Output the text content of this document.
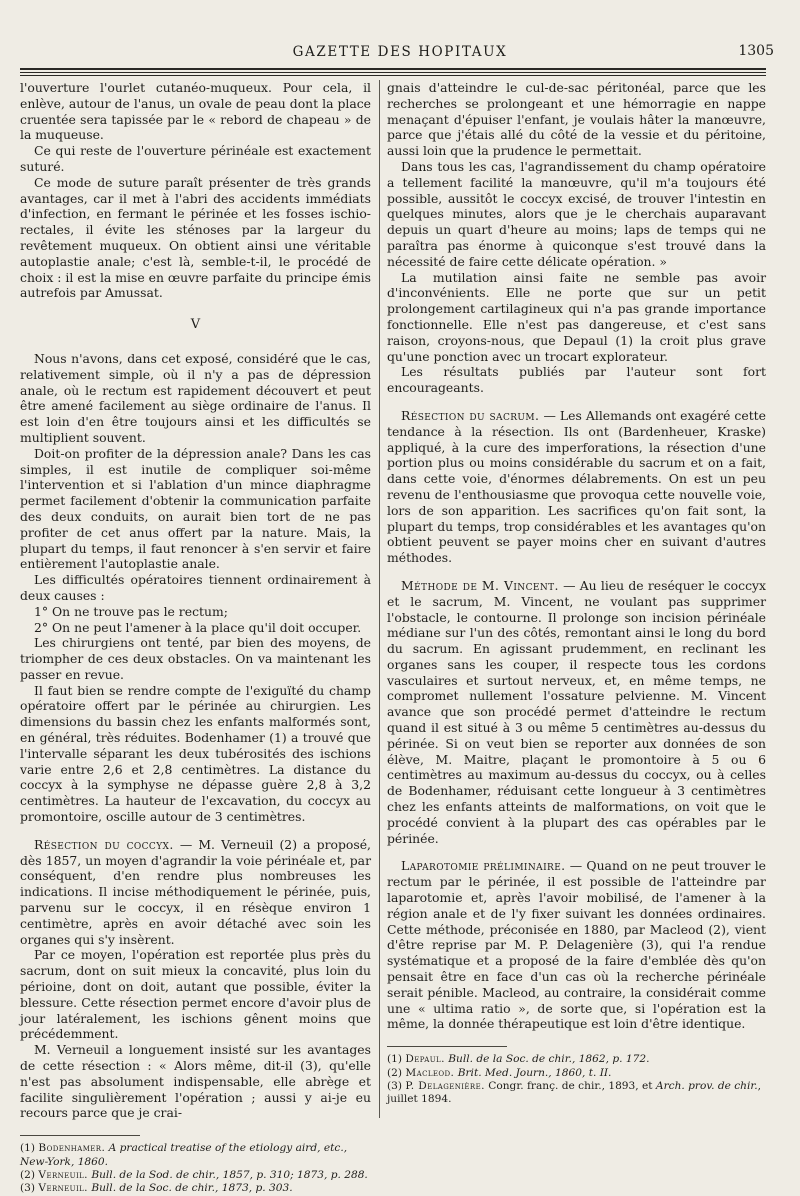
GAZETTE DES HOPITAUX	1305

l'ouverture l'ourlet cutanéo-muqueux. Pour cela, il enlève, autour de l'anus, un ovale de peau dont la place cruentée sera tapissée par le « rebord de chapeau » de la muqueuse.

Ce qui reste de l'ouverture périnéale est exactement suturé.

Ce mode de suture paraît présenter de très grands avantages, car il met à l'abri des accidents immédiats d'infection, en fermant le périnée et les fosses ischio-rectales, il évite les sténoses par la largeur du revêtement muqueux. On obtient ainsi une véritable autoplastie anale; c'est là, semble-t-il, le procédé de choix : il est la mise en œuvre parfaite du principe émis autrefois par Amussat.

V

Nous n'avons, dans cet exposé, considéré que le cas, relativement simple, où il n'y a pas de dépression anale, où le rectum est rapidement découvert et peut être amené facilement au siège ordinaire de l'anus. Il est loin d'en être toujours ainsi et les difficultés se multiplient souvent.

Doit-on profiter de la dépression anale? Dans les cas simples, il est inutile de compliquer soi-même l'intervention et si l'ablation d'un mince diaphragme permet facilement d'obtenir la communication parfaite des deux conduits, on aurait bien tort de ne pas profiter de cet anus offert par la nature. Mais, la plupart du temps, il faut renoncer à s'en servir et faire entièrement l'autoplastie anale.

Les difficultés opératoires tiennent ordinairement à deux causes :

1° On ne trouve pas le rectum;

2° On ne peut l'amener à la place qu'il doit occuper.

Les chirurgiens ont tenté, par bien des moyens, de triompher de ces deux obstacles. On va maintenant les passer en revue.

Il faut bien se rendre compte de l'exiguïté du champ opératoire offert par le périnée au chirurgien. Les dimensions du bassin chez les enfants malformés sont, en général, très réduites. Bodenhamer (1) a trouvé que l'intervalle séparant les deux tubérosités des ischions varie entre 2,6 et 2,8 centimètres. La distance du coccyx à la symphyse ne dépasse guère 2,8 à 3,2 centimètres. La hauteur de l'excavation, du coccyx au promontoire, oscille autour de 3 centimètres.

Résection du coccyx. — M. Verneuil (2) a proposé, dès 1857, un moyen d'agrandir la voie périnéale et, par conséquent, d'en rendre plus nombreuses les indications. Il incise méthodiquement le périnée, puis, parvenu sur le coccyx, il en résèque environ 1 centimètre, après en avoir détaché avec soin les organes qui s'y insèrent.

Par ce moyen, l'opération est reportée plus près du sacrum, dont on suit mieux la concavité, plus loin du périoine, dont on doit, autant que possible, éviter la blessure. Cette résection permet encore d'avoir plus de jour latéralement, les ischions gênent moins que précédemment.

M. Verneuil a longuement insisté sur les avantages de cette résection : « Alors même, dit-il (3), qu'elle n'est pas absolument indispensable, elle abrège et facilite singulièrement l'opération ; aussi y ai-je eu recours parce que je crai-

(1) Bodenhamer. A practical treatise of the etiology aird, etc., New-York, 1860.

(2) Verneuil. Bull. de la Sod. de chir., 1857, p. 310; 1873, p. 288.

(3) Verneuil. Bull. de la Soc. de chir., 1873, p. 303.

gnais d'atteindre le cul-de-sac péritonéal, parce que les recherches se prolongeant et une hémorragie en nappe menaçant d'épuiser l'enfant, je voulais hâter la manœuvre, parce que j'étais allé du côté de la vessie et du péritoine, aussi loin que la prudence le permettait.

Dans tous les cas, l'agrandissement du champ opératoire a tellement facilité la manœuvre, qu'il m'a toujours été possible, aussitôt le coccyx excisé, de trouver l'intestin en quelques minutes, alors que je le cherchais auparavant depuis un quart d'heure au moins; laps de temps qui ne paraîtra pas énorme à quiconque s'est trouvé dans la nécessité de faire cette délicate opération. »

La mutilation ainsi faite ne semble pas avoir d'inconvénients. Elle ne porte que sur un petit prolongement cartilagineux qui n'a pas grande importance fonctionnelle. Elle n'est pas dangereuse, et c'est sans raison, croyons-nous, que Depaul (1) la croit plus grave qu'une ponction avec un trocart explorateur.

Les résultats publiés par l'auteur sont fort encourageants.

Résection du sacrum. — Les Allemands ont exagéré cette tendance à la résection. Ils ont (Bardenheuer, Kraske) appliqué, à la cure des imperforations, la résection d'une portion plus ou moins considérable du sacrum et on a fait, dans cette voie, d'énormes délabrements. On est un peu revenu de l'enthousiasme que provoqua cette nouvelle voie, lors de son apparition. Les sacrifices qu'on fait sont, la plupart du temps, trop considérables et les avantages qu'on obtient peuvent se payer moins cher en suivant d'autres méthodes.

Méthode de M. Vincent. — Au lieu de reséquer le coccyx et le sacrum, M. Vincent, ne voulant pas supprimer l'obstacle, le contourne. Il prolonge son incision périnéale médiane sur l'un des côtés, remontant ainsi le long du bord du sacrum. En agissant prudemment, en reclinant les organes sans les couper, il respecte tous les cordons vasculaires et surtout nerveux, et, en même temps, ne compromet nullement l'ossature pelvienne. M. Vincent avance que son procédé permet d'atteindre le rectum quand il est situé à 3 ou même 5 centimètres au-dessus du périnée. Si on veut bien se reporter aux données de son élève, M. Maitre, plaçant le promontoire à 5 ou 6 centimètres au maximum au-dessus du coccyx, ou à celles de Bodenhamer, réduisant cette longueur à 3 centimètres chez les enfants atteints de malformations, on voit que le procédé convient à la plupart des cas opérables par le périnée.

Laparotomie préliminaire. — Quand on ne peut trouver le rectum par le périnée, il est possible de l'atteindre par laparotomie et, après l'avoir mobilisé, de l'amener à la région anale et de l'y fixer suivant les données ordinaires. Cette méthode, préconisée en 1880, par Macleod (2), vient d'être reprise par M. P. Delagenière (3), qui l'a rendue systématique et a proposé de la faire d'emblée dès qu'on pensait être en face d'un cas où la recherche périnéale serait pénible. Macleod, au contraire, la considérait comme une « ultima ratio », de sorte que, si l'opération est la même, la donnée thérapeutique est loin d'être identique.

(1) Depaul. Bull. de la Soc. de chir., 1862, p. 172.

(2) Macleod. Brit. Med. Journ., 1860, t. II.

(3) P. Delagenière. Congr. franç. de chir., 1893, et Arch. prov. de chir., juillet 1894.
